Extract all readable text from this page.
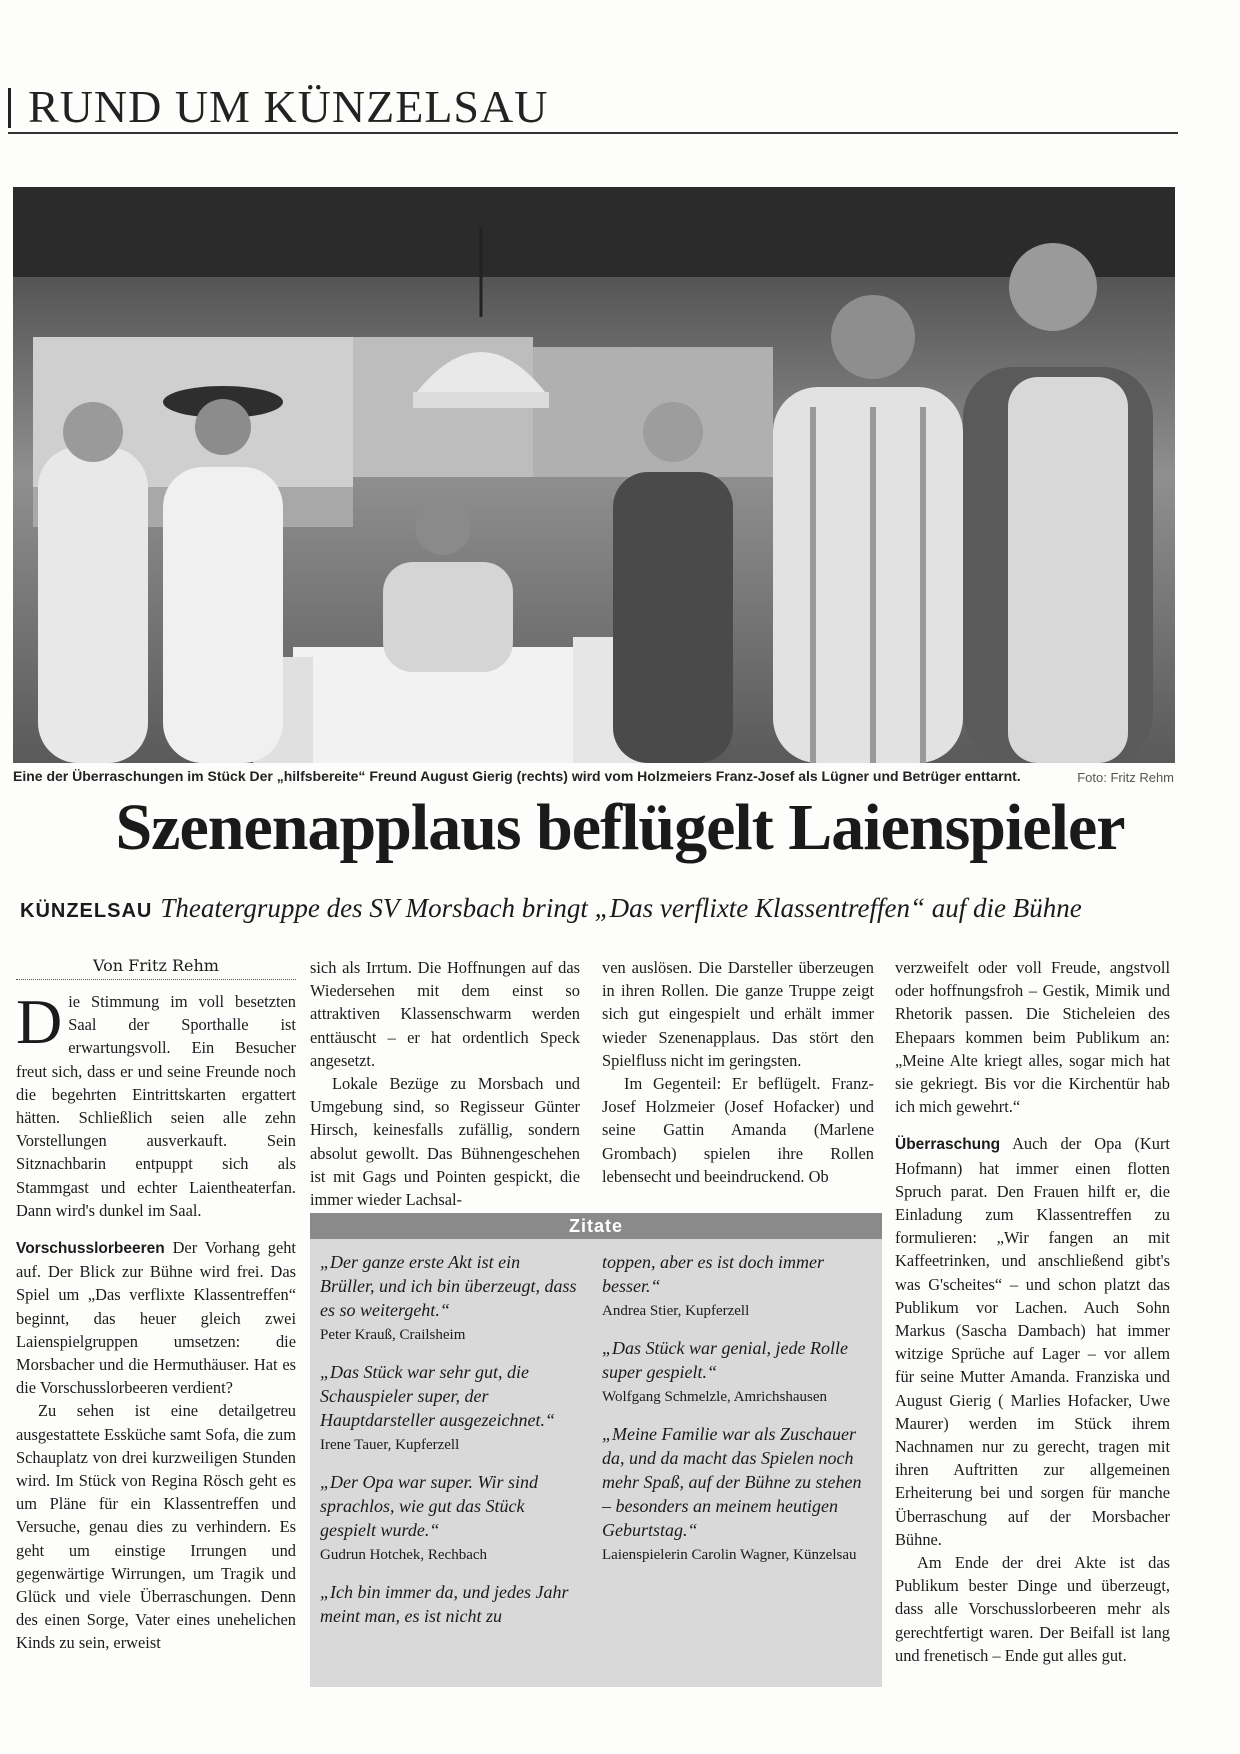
RUND UM KÜNZELSAU
Eine der Überraschungen im Stück Der „hilfsbereite“ Freund August Gierig (rechts) wird vom Holzmeiers Franz-Josef als Lügner und Betrüger enttarnt.	Foto: Fritz Rehm
Szenenapplaus beflügelt Laienspieler
KÜNZELSAU Theatergruppe des SV Morsbach bringt „Das verflixte Klassentreffen“ auf die Bühne
Von Fritz Rehm

Die Stimmung im voll besetzten Saal der Sporthalle ist erwartungsvoll. Ein Besucher freut sich, dass er und seine Freunde noch die begehrten Eintrittskarten ergattert hätten. Schließlich seien alle zehn Vorstellungen ausverkauft. Sein Sitznachbarin entpuppt sich als Stammgast und echter Laientheaterfan. Dann wird's dunkel im Saal.

Vorschusslorbeeren Der Vorhang geht auf. Der Blick zur Bühne wird frei. Das Spiel um „Das verflixte Klassentreffen“ beginnt, das heuer gleich zwei Laienspielgruppen umsetzen: die Morsbacher und die Hermuthäuser. Hat es die Vorschusslorbeeren verdient?

Zu sehen ist eine detailgetreu ausgestattete Essküche samt Sofa, die zum Schauplatz von drei kurzweiligen Stunden wird. Im Stück von Regina Rösch geht es um Pläne für ein Klassentreffen und Versuche, genau dies zu verhindern. Es geht um einstige Irrungen und gegenwärtige Wirrungen, um Tragik und Glück und viele Überraschungen. Denn des einen Sorge, Vater eines unehelichen Kinds zu sein, erweist

sich als Irrtum. Die Hoffnungen auf das Wiedersehen mit dem einst so attraktiven Klassenschwarm werden enttäuscht – er hat ordentlich Speck angesetzt.

Lokale Bezüge zu Morsbach und Umgebung sind, so Regisseur Günter Hirsch, keinesfalls zufällig, sondern absolut gewollt. Das Bühnengeschehen ist mit Gags und Pointen gespickt, die immer wieder Lachsal-

ven auslösen. Die Darsteller überzeugen in ihren Rollen. Die ganze Truppe zeigt sich gut eingespielt und erhält immer wieder Szenenapplaus. Das stört den Spielfluss nicht im geringsten.

Im Gegenteil: Er beflügelt. Franz-Josef Holzmeier (Josef Hofacker) und seine Gattin Amanda (Marlene Grombach) spielen ihre Rollen lebensecht und beeindruckend. Ob

verzweifelt oder voll Freude, angstvoll oder hoffnungsfroh – Gestik, Mimik und Rhetorik passen. Die Sticheleien des Ehepaars kommen beim Publikum an: „Meine Alte kriegt alles, sogar mich hat sie gekriegt. Bis vor die Kirchentür hab ich mich gewehrt.“

Überraschung Auch der Opa (Kurt Hofmann) hat immer einen flotten Spruch parat. Den Frauen hilft er, die Einladung zum Klassentreffen zu formulieren: „Wir fangen an mit Kaffeetrinken, und anschließend gibt's was G'scheites“ – und schon platzt das Publikum vor Lachen. Auch Sohn Markus (Sascha Dambach) hat immer witzige Sprüche auf Lager – vor allem für seine Mutter Amanda. Franziska und August Gierig ( Marlies Hofacker, Uwe Maurer) werden im Stück ihrem Nachnamen nur zu gerecht, tragen mit ihren Auftritten zur allgemeinen Erheiterung bei und sorgen für manche Überraschung auf der Morsbacher Bühne.

Am Ende der drei Akte ist das Publikum bester Dinge und überzeugt, dass alle Vorschusslorbeeren mehr als gerechtfertigt waren. Der Beifall ist lang und frenetisch – Ende gut alles gut.

Zitate

„Der ganze erste Akt ist ein Brüller, und ich bin überzeugt, dass es so weitergeht.“

Peter Krauß, Crailsheim

„Das Stück war sehr gut, die Schauspieler super, der Hauptdarsteller ausgezeichnet.“

Irene Tauer, Kupferzell

„Der Opa war super. Wir sind sprachlos, wie gut das Stück gespielt wurde.“

Gudrun Hotchek, Rechbach

„Ich bin immer da, und jedes Jahr meint man, es ist nicht zu

toppen, aber es ist doch immer besser.“

Andrea Stier, Kupferzell

„Das Stück war genial, jede Rolle super gespielt.“

Wolfgang Schmelzle, Amrichshausen

„Meine Familie war als Zuschauer da, und da macht das Spielen noch mehr Spaß, auf der Bühne zu stehen – besonders an meinem heutigen Geburtstag.“

Laienspielerin Carolin Wagner, Künzelsau
